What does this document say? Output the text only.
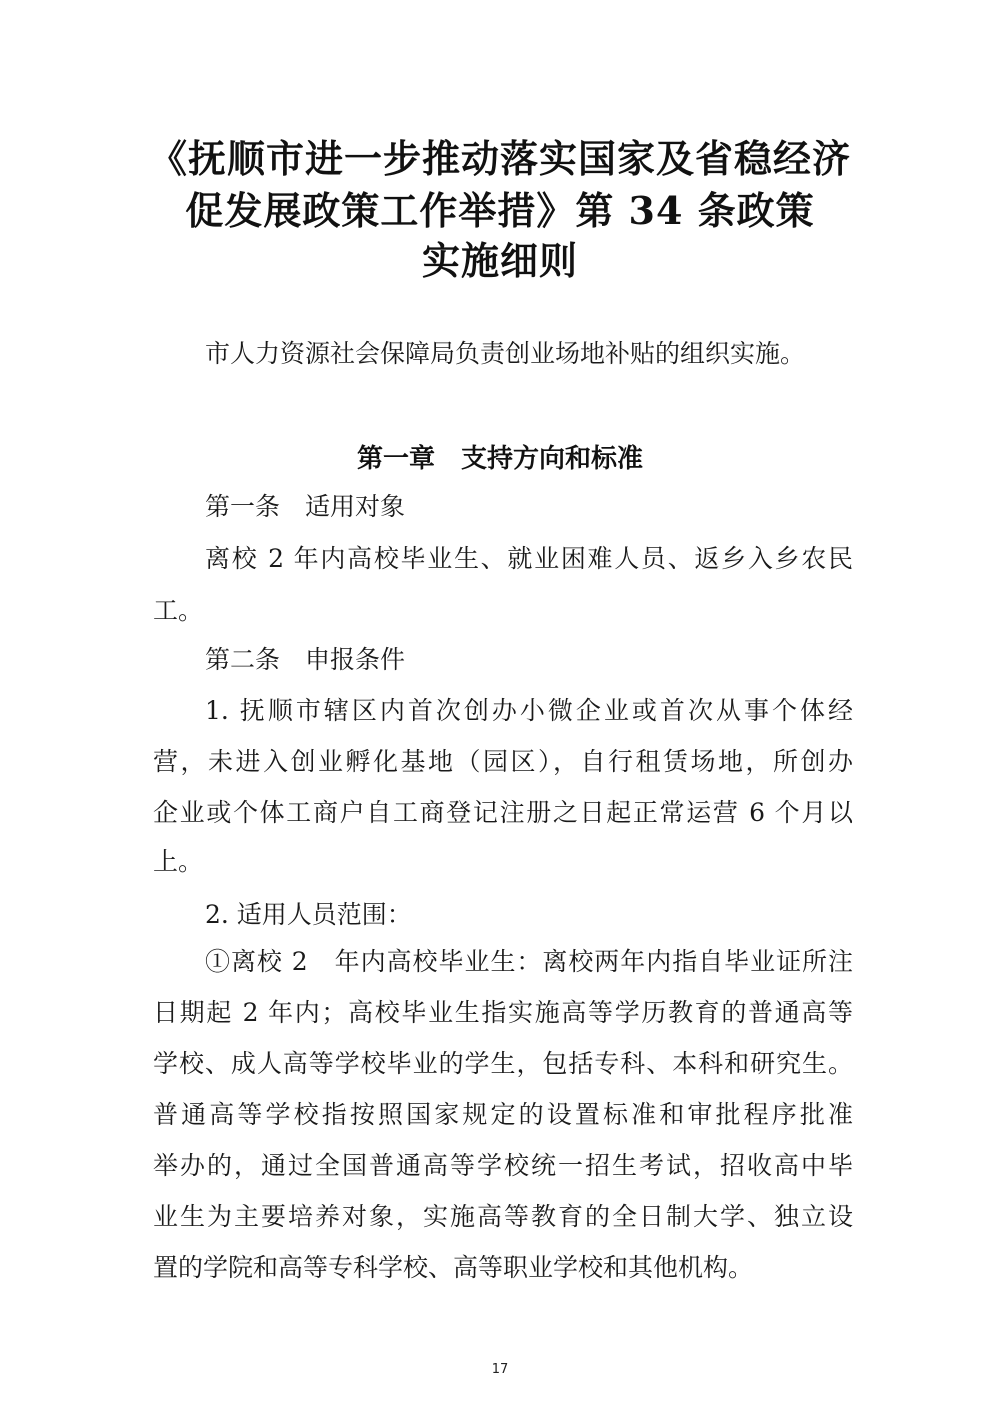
《抚顺市进一步推动落实国家及省稳经济
促发展政策工作举措》第 34 条政策
实施细则
市人力资源社会保障局负责创业场地补贴的组织实施。
第一章　支持方向和标准
第一条　适用对象
离校 2 年内高校毕业生、就业困难人员、返乡入乡农民
工。
第二条　申报条件
1. 抚顺市辖区内首次创办小微企业或首次从事个体经
营，未进入创业孵化基地（园区），自行租赁场地，所创办
企业或个体工商户自工商登记注册之日起正常运营 6 个月以
上。
2. 适用人员范围：
①离校 2　年内高校毕业生：离校两年内指自毕业证所注
日期起 2 年内；高校毕业生指实施高等学历教育的普通高等
学校、成人高等学校毕业的学生，包括专科、本科和研究生。
普通高等学校指按照国家规定的设置标准和审批程序批准
举办的，通过全国普通高等学校统一招生考试，招收高中毕
业生为主要培养对象，实施高等教育的全日制大学、独立设
置的学院和高等专科学校、高等职业学校和其他机构。
17
